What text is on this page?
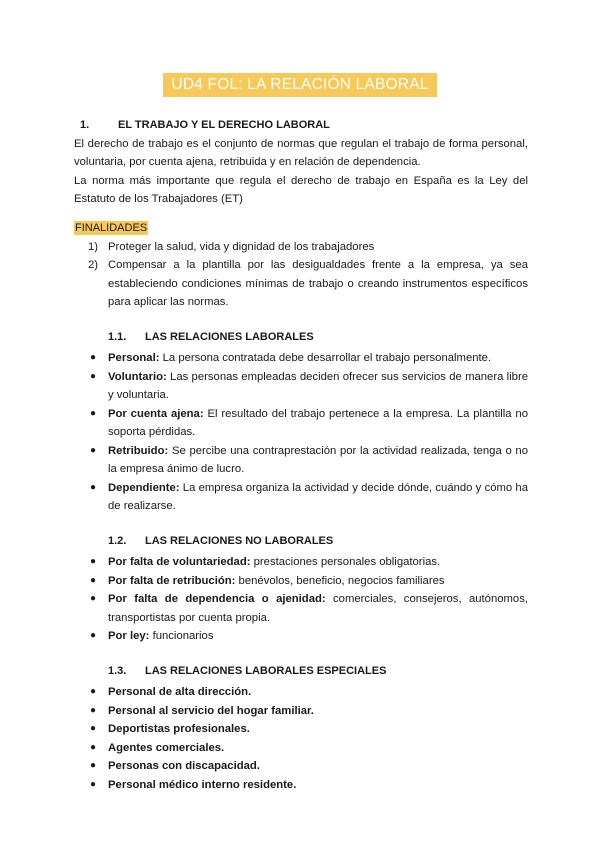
UD4 FOL: LA RELACIÓN LABORAL
1.	EL TRABAJO Y EL DERECHO LABORAL

El derecho de trabajo es el conjunto de normas que regulan el trabajo de forma personal, voluntaria, por cuenta ajena, retribuida y en relación de dependencia.

La norma más importante que regula el derecho de trabajo en España es la Ley del Estatuto de los Trabajadores (ET)

FINALIDADES
1) Proteger la salud, vida y dignidad de los trabajadores
2) Compensar a la plantilla por las desigualdades frente a la empresa, ya sea estableciendo condiciones mínimas de trabajo o creando instrumentos específicos para aplicar las normas.
1.1.	LAS RELACIONES LABORALES
●	Personal: La persona contratada debe desarrollar el trabajo personalmente.
●	Voluntario: Las personas empleadas deciden ofrecer sus servicios de manera libre y voluntaria.
●	Por cuenta ajena: El resultado del trabajo pertenece a la empresa. La plantilla no soporta pérdidas.
●	Retribuido: Se percibe una contraprestación por la actividad realizada, tenga o no la empresa ánimo de lucro.
●	Dependiente: La empresa organiza la actividad y decide dónde, cuándo y cómo ha de realizarse.
1.2.	LAS RELACIONES NO LABORALES
●	Por falta de voluntariedad: prestaciones personales obligatorias.
●	Por falta de retribución: benévolos, beneficio, negocios familiares
●	Por falta de dependencia o ajenidad: comerciales, consejeros, autónomos, transportistas por cuenta propia.
●	Por ley: funcionarios
1.3.	LAS RELACIONES LABORALES ESPECIALES
●	Personal de alta dirección.
●	Personal al servicio del hogar familiar.
●	Deportistas profesionales.
●	Agentes comerciales.
●	Personas con discapacidad.
●	Personal médico interno residente.
